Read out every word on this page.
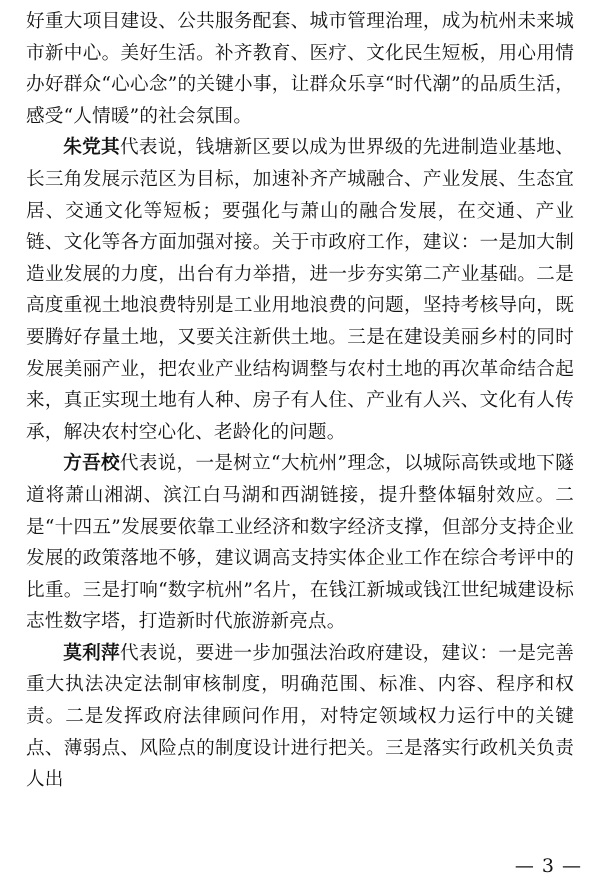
好重大项目建设、公共服务配套、城市管理治理，成为杭州未来城市新中心。美好生活。补齐教育、医疗、文化民生短板，用心用情办好群众“心心念”的关键小事，让群众乐享“时代潮”的品质生活，感受“人情暖”的社会氛围。

朱党其代表说，钱塘新区要以成为世界级的先进制造业基地、长三角发展示范区为目标，加速补齐产城融合、产业发展、生态宜居、交通文化等短板；要强化与萧山的融合发展，在交通、产业链、文化等各方面加强对接。关于市政府工作，建议：一是加大制造业发展的力度，出台有力举措，进一步夯实第二产业基础。二是高度重视土地浪费特别是工业用地浪费的问题，坚持考核导向，既要腾好存量土地，又要关注新供土地。三是在建设美丽乡村的同时发展美丽产业，把农业产业结构调整与农村土地的再次革命结合起来，真正实现土地有人种、房子有人住、产业有人兴、文化有人传承，解决农村空心化、老龄化的问题。

方吾校代表说，一是树立“大杭州”理念，以城际高铁或地下隧道将萧山湘湖、滨江白马湖和西湖链接，提升整体辐射效应。二是“十四五”发展要依靠工业经济和数字经济支撑，但部分支持企业发展的政策落地不够，建议调高支持实体企业工作在综合考评中的比重。三是打响“数字杭州”名片，在钱江新城或钱江世纪城建设标志性数字塔，打造新时代旅游新亮点。

莫利萍代表说，要进一步加强法治政府建设，建议：一是完善重大执法决定法制审核制度，明确范围、标准、内容、程序和权责。二是发挥政府法律顾问作用，对特定领域权力运行中的关键点、薄弱点、风险点的制度设计进行把关。三是落实行政机关负责人出

— 3 —
